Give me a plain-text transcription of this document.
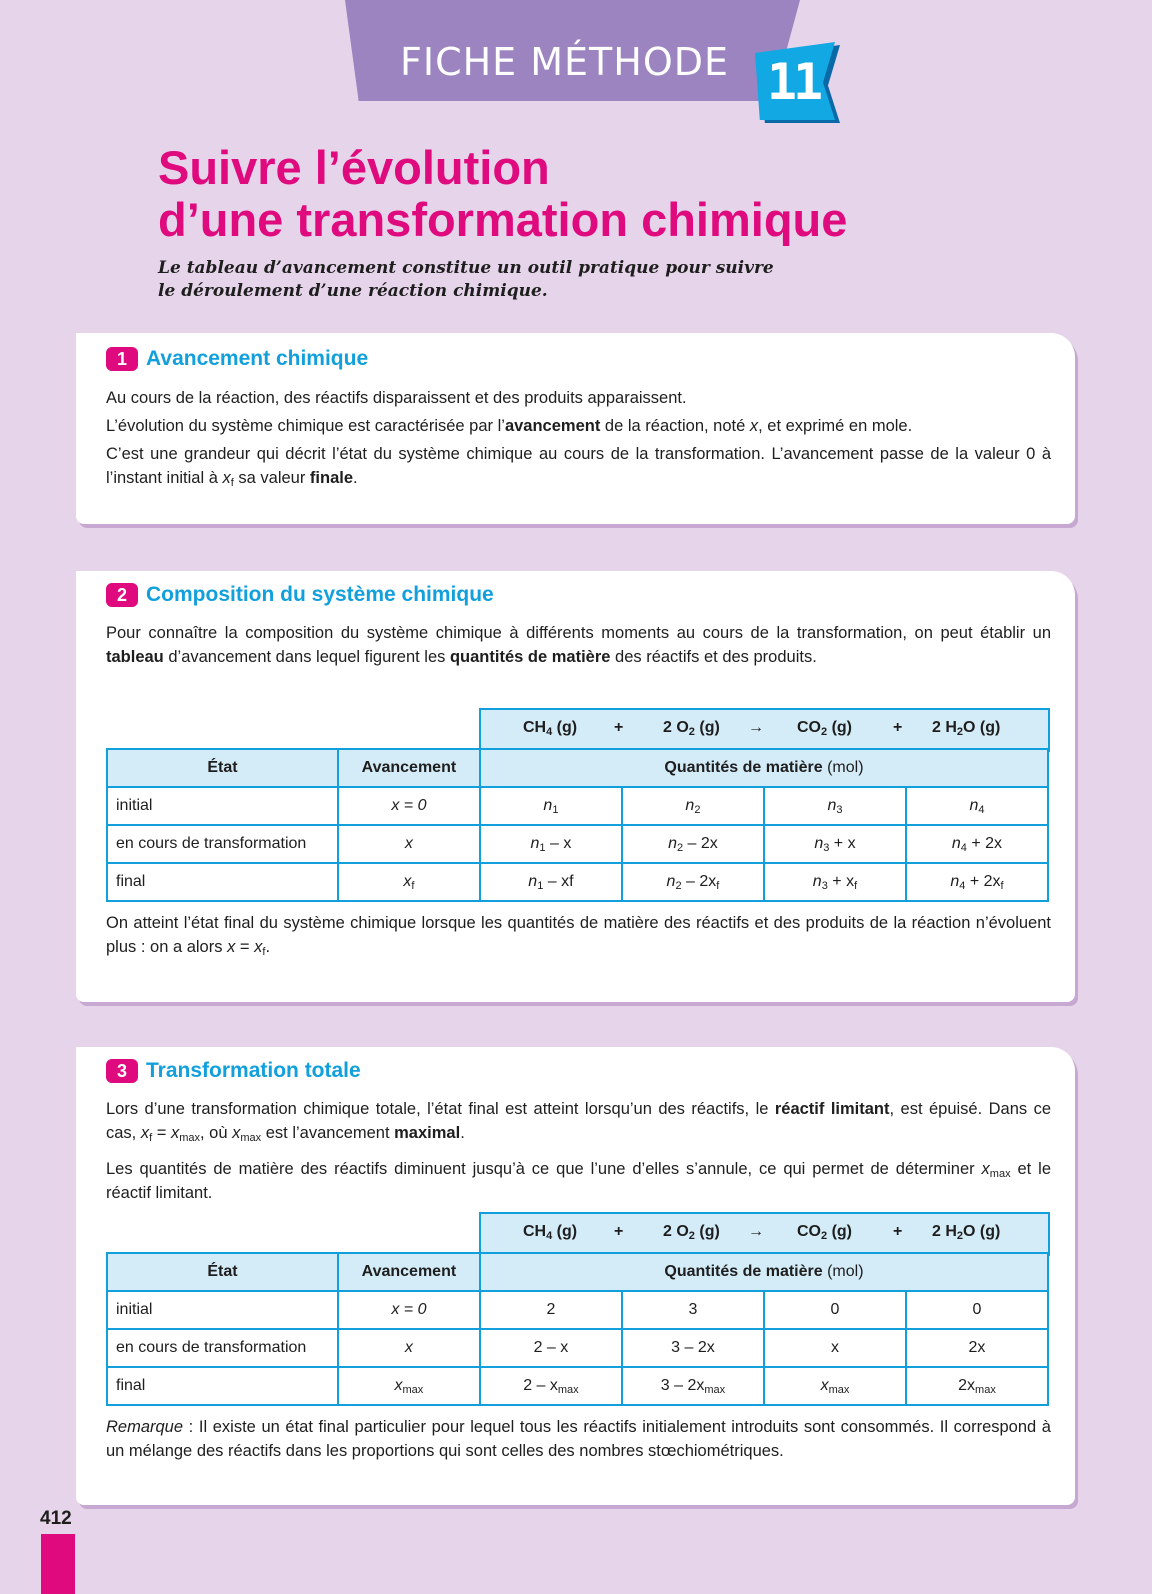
FICHE MÉTHODE 11
Suivre l’évolution
d’une transformation chimique

Le tableau d’avancement constitue un outil pratique pour suivre
le déroulement d’une réaction chimique.

1 Avancement chimique

Au cours de la réaction, des réactifs disparaissent et des produits apparaissent.

L’évolution du système chimique est caractérisée par l’avancement de la réaction, noté x, et exprimé en mole.

C’est une grandeur qui décrit l’état du système chimique au cours de la transformation. L’avancement passe de la valeur 0 à l’instant initial à $x_f$ sa valeur finale.

2 Composition du système chimique

Pour connaître la composition du système chimique à différents moments au cours de la transformation, on peut établir un tableau d’avancement dans lequel figurent les quantités de matière des réactifs et des produits.

$CH_4$ (g) + 2 $O_2$ $(g) \to CO_2$ (g)	+ 2 $H_2O$ (g)
État	Avancement	Quantités de matière (mol)			
initial	x = 0	$n_1$	$n_2$	$n_3$	$n_4$
en cours de transformation	x	$n_1$ – x	$n_2 - 2x$	$n_3 + x$	$n_4 + 2x$
final	$x_f$	$n_1$ – xf	$n_2 - 2x_f$	$n_3 + x_f$	$n_4 + 2x_f$

On atteint l’état final du système chimique lorsque les quantités de matière des réactifs et des produits de la réaction n’évoluent plus : on a alors $x = x_f$.

3 Transformation totale

Lors d’une transformation chimique totale, l’état final est atteint lorsqu’un des réactifs, le réactif limitant, est épuisé. Dans ce cas, $x_f = x_{max}$, où $x_{max}$ est l’avancement maximal.

Les quantités de matière des réactifs diminuent jusqu’à ce que l’une d’elles s’annule, ce qui permet de déterminer $x_{max}$ et le réactif limitant.

$CH_4$ (g) + 2 $O_2$ $(g) \to CO_2$ (g)	+ 2 $H_2O$ (g)
État	Avancement	Quantités de matière (mol)			
initial	x = 0	2	3	0	0
en cours de transformation	x	2 – x	3 – 2x	x	2x
final	$x_{max}$	$2 - x_{max}$	$3 - 2x_{max}$	$x_{max}$	$2x_{max}$

Remarque : Il existe un état final particulier pour lequel tous les réactifs initialement introduits sont consommés. Il correspond à un mélange des réactifs dans les proportions qui sont celles des nombres stœchiométriques.

412
